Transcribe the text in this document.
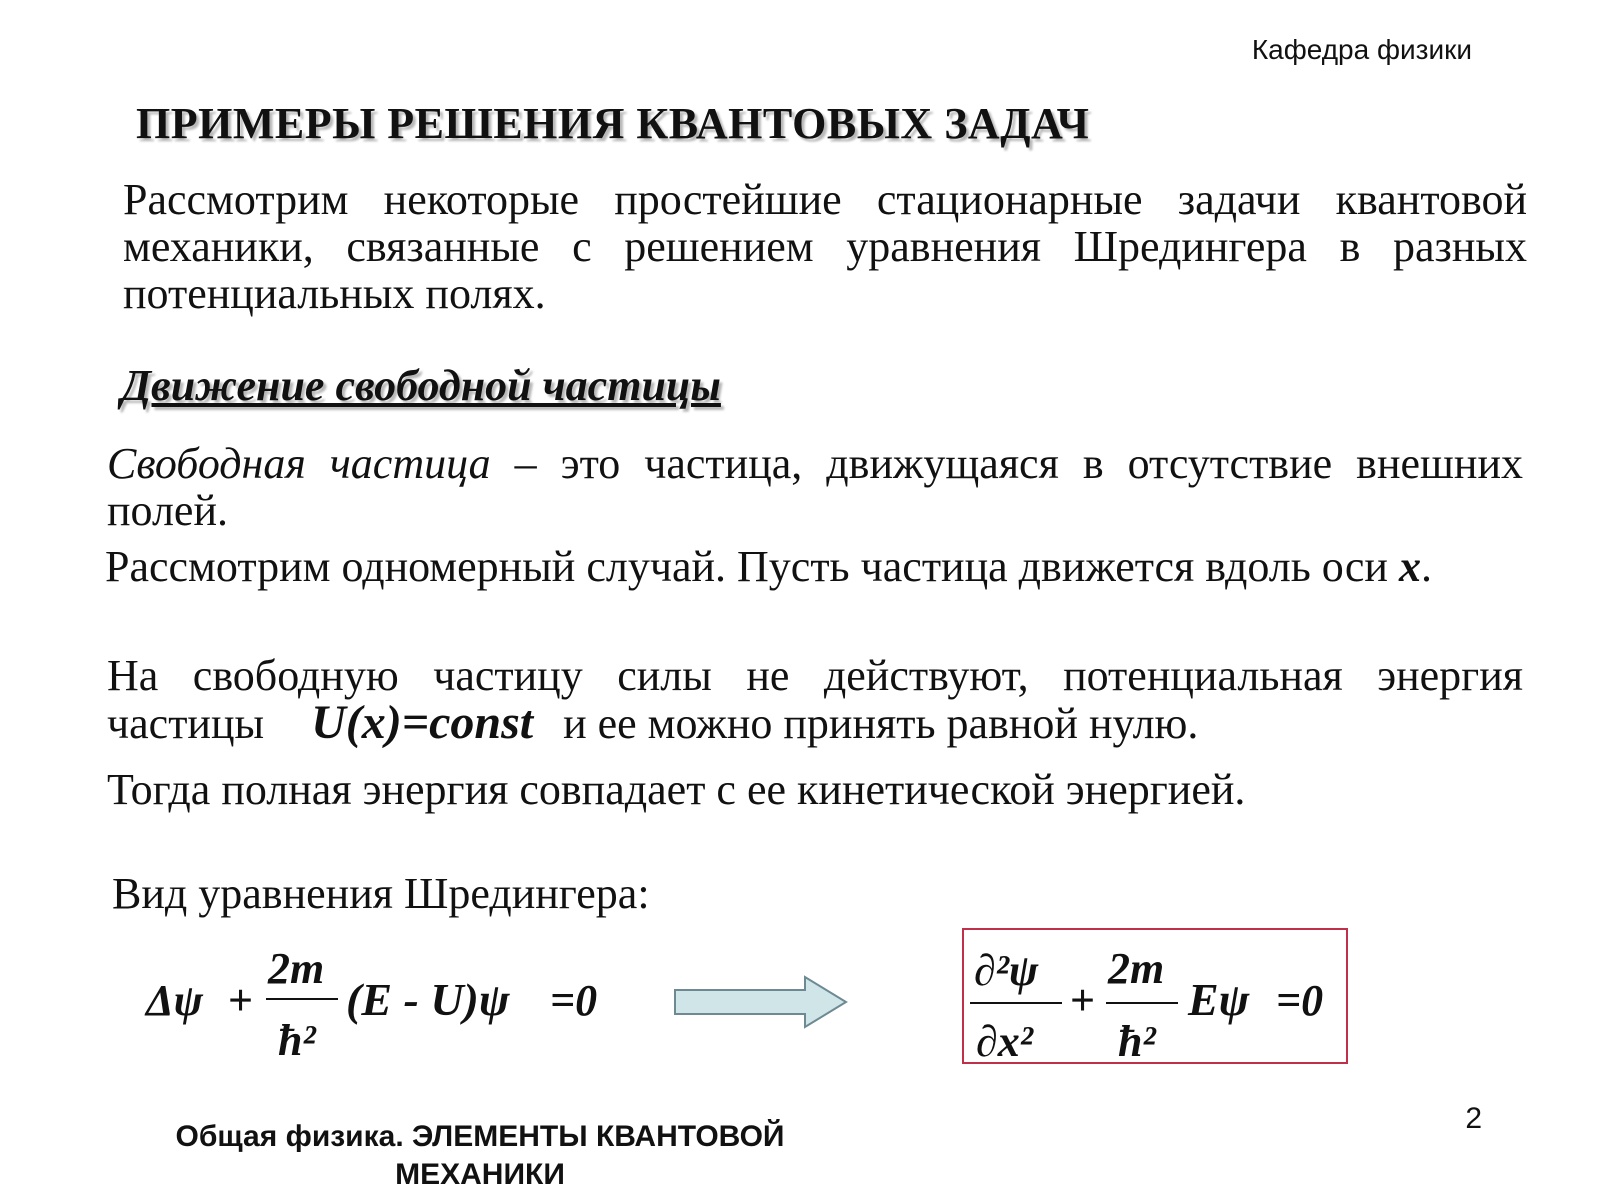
Кафедра физики
ПРИМЕРЫ РЕШЕНИЯ КВАНТОВЫХ ЗАДАЧ
Рассмотрим некоторые простейшие стационарные задачи квантовой механики, связанные с решением уравнения Шредингера в разных потенциальных полях.
Движение свободной частицы
Свободная частица – это частица, движущаяся в отсутствие внешних полей.
Рассмотрим одномерный случай. Пусть частица движется вдоль оси x.
На свободную частицу силы не действуют, потенциальная энергия частицы U(x)=const и ее можно принять равной нулю.
Тогда полная энергия совпадает с ее кинетической энергией.
Вид уравнения Шредингера:
Δψ +
2m
ħ²
(E - U)ψ =0
∂²ψ
∂x²
+
2m
ħ²
Eψ =0
Общая физика. ЭЛЕМЕНТЫ КВАНТОВОЙ МЕХАНИКИ
2
